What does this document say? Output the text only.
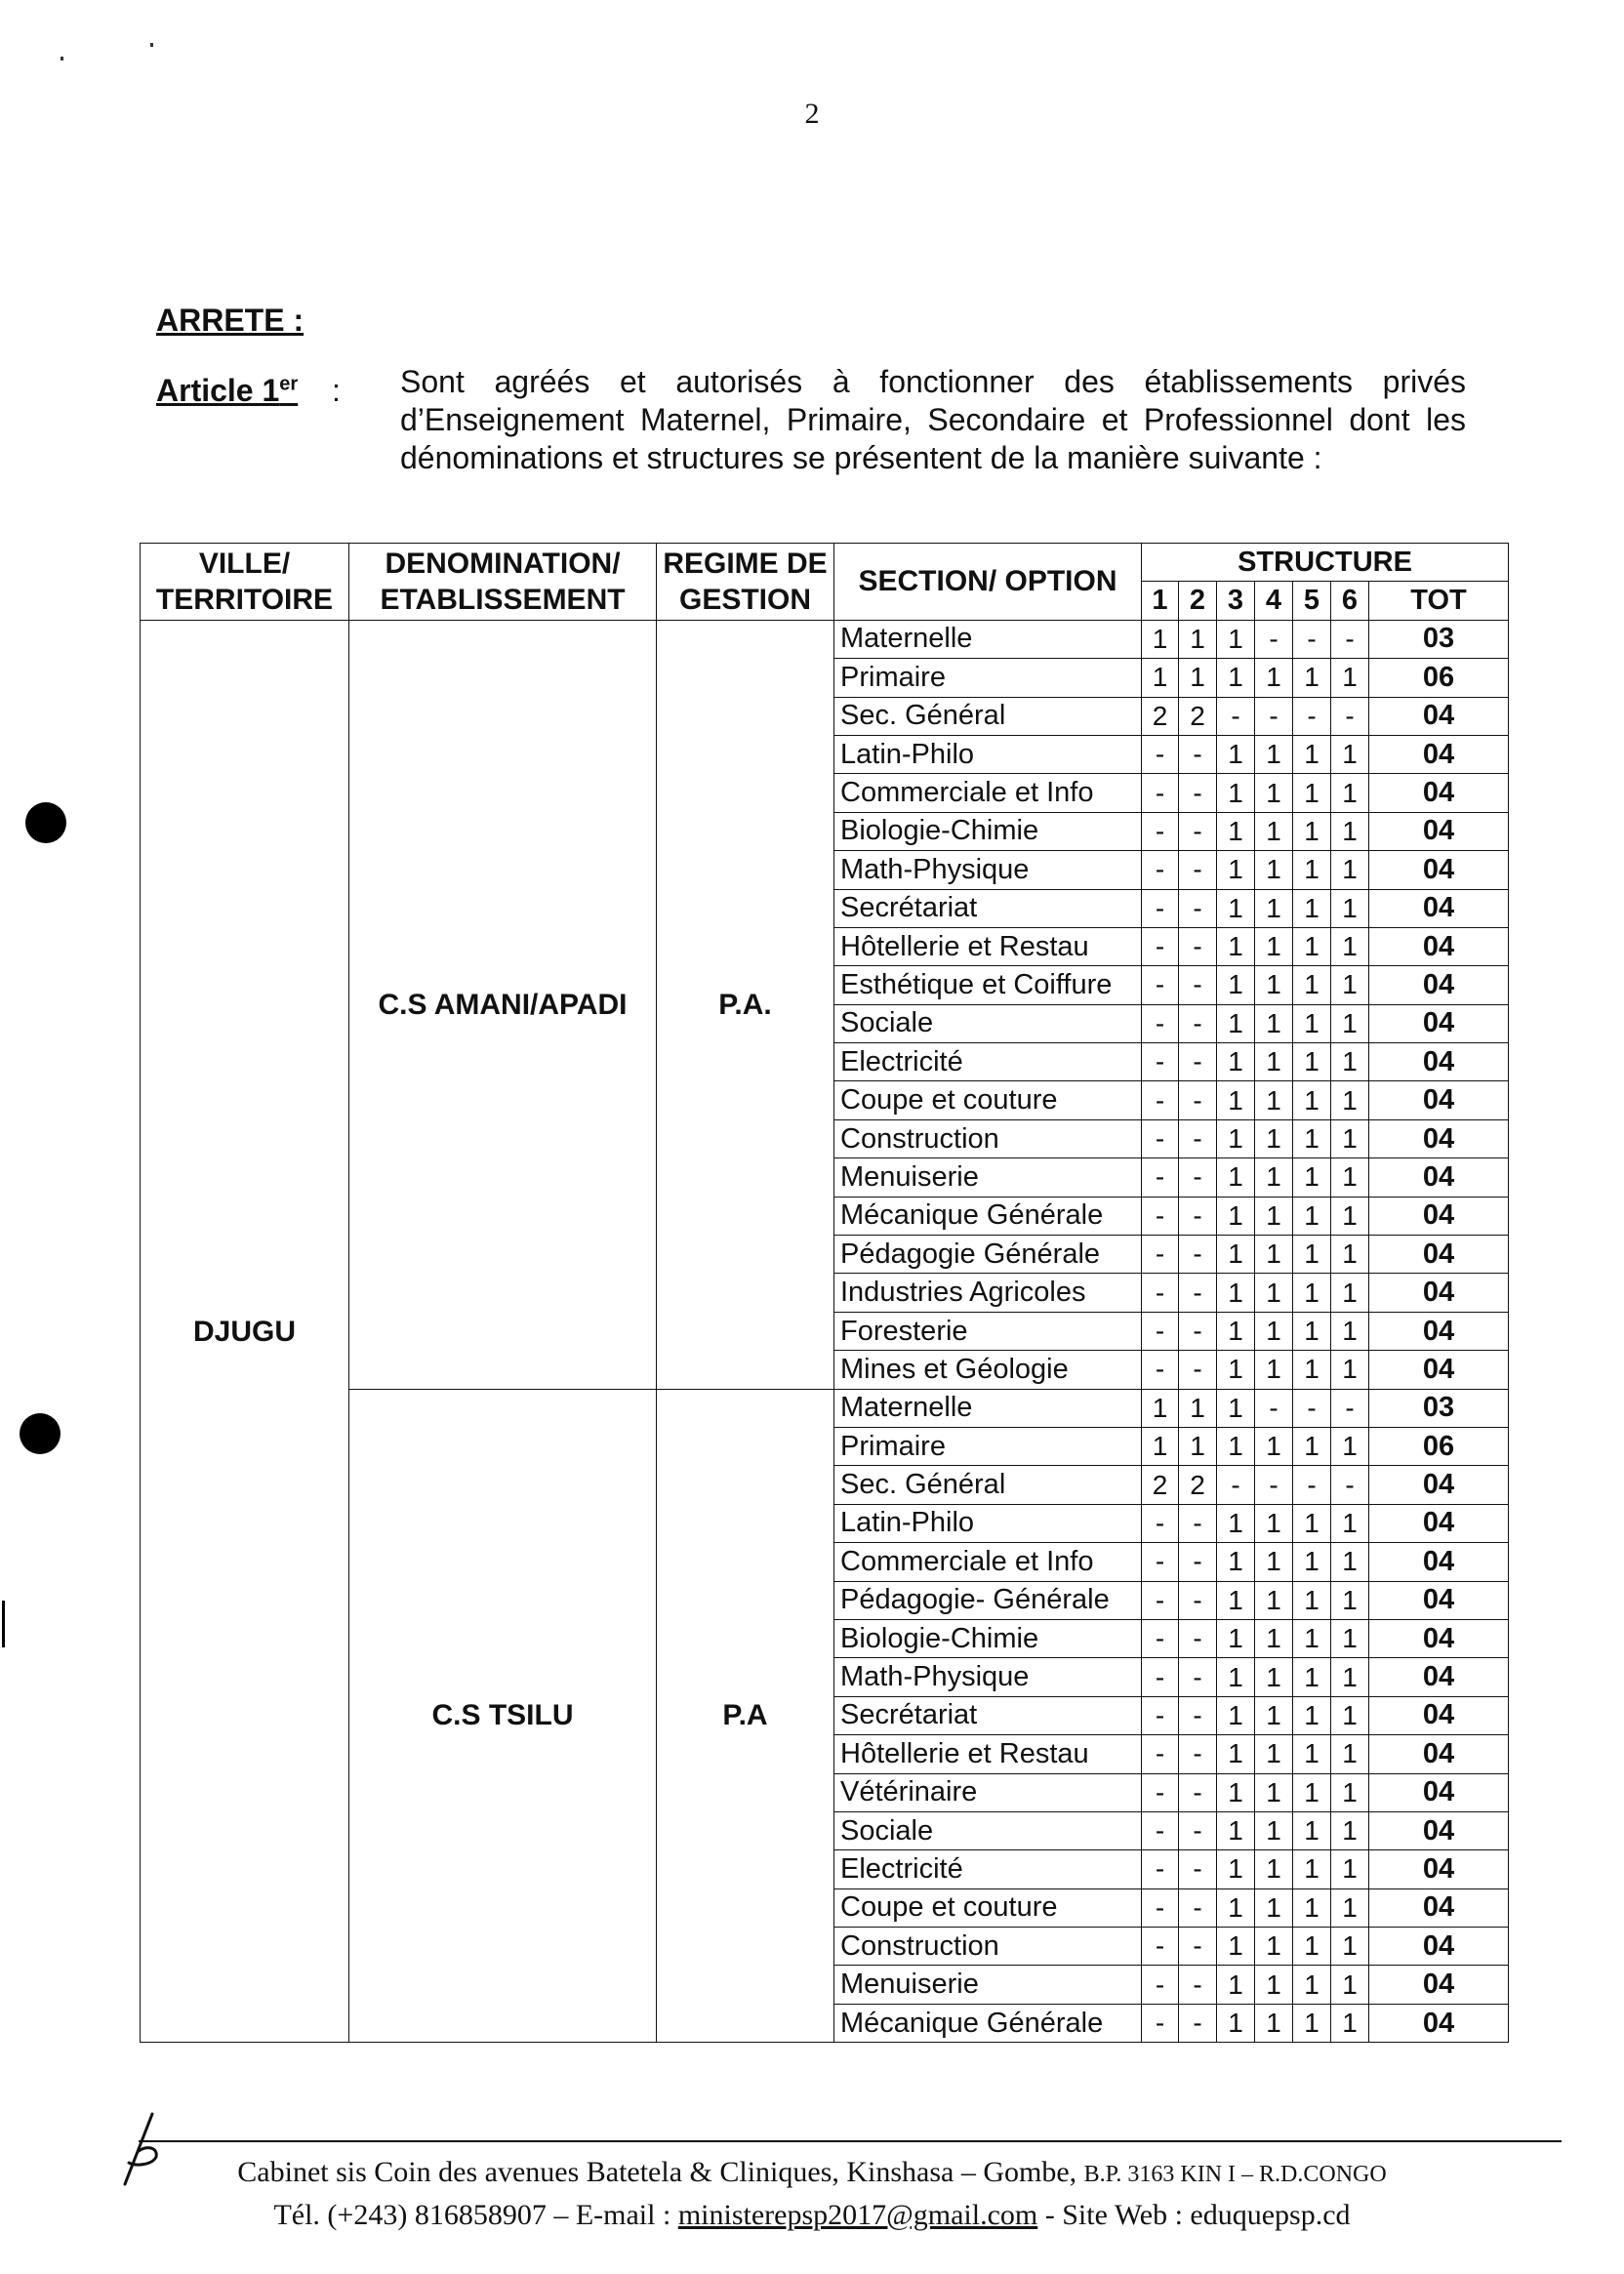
2
ARRETE :
Article 1er : Sont agréés et autorisés à fonctionner des établissements privés d’Enseignement Maternel, Primaire, Secondaire et Professionnel dont les dénominations et structures se présentent de la manière suivante :
VILLE/ TERRITOIRE	DENOMINATION/ ETABLISSEMENT	REGIME DE GESTION	SECTION/ OPTION	STRUCTURE						
				1	2	3	4	5	6	TOT
DJUGU	C.S AMANI/APADI	P.A.	Maternelle	1	1	1	-	-	-	03
			Primaire	1	1	1	1	1	1	06
			Sec. Général	2	2	-	-	-	-	04
			Latin-Philo	-	-	1	1	1	1	04
			Commerciale et Info	-	-	1	1	1	1	04
			Biologie-Chimie	-	-	1	1	1	1	04
			Math-Physique	-	-	1	1	1	1	04
			Secrétariat	-	-	1	1	1	1	04
			Hôtellerie et Restau	-	-	1	1	1	1	04
			Esthétique et Coiffure	-	-	1	1	1	1	04
			Sociale	-	-	1	1	1	1	04
			Electricité	-	-	1	1	1	1	04
			Coupe et couture	-	-	1	1	1	1	04
			Construction	-	-	1	1	1	1	04
			Menuiserie	-	-	1	1	1	1	04
			Mécanique Générale	-	-	1	1	1	1	04
			Pédagogie Générale	-	-	1	1	1	1	04
			Industries Agricoles	-	-	1	1	1	1	04
			Foresterie	-	-	1	1	1	1	04
			Mines et Géologie	-	-	1	1	1	1	04
	C.S TSILU	P.A	Maternelle	1	1	1	-	-	-	03
			Primaire	1	1	1	1	1	1	06
			Sec. Général	2	2	-	-	-	-	04
			Latin-Philo	-	-	1	1	1	1	04
			Commerciale et Info	-	-	1	1	1	1	04
			Pédagogie- Générale	-	-	1	1	1	1	04
			Biologie-Chimie	-	-	1	1	1	1	04
			Math-Physique	-	-	1	1	1	1	04
			Secrétariat	-	-	1	1	1	1	04
			Hôtellerie et Restau	-	-	1	1	1	1	04
			Vétérinaire	-	-	1	1	1	1	04
			Sociale	-	-	1	1	1	1	04
			Electricité	-	-	1	1	1	1	04
			Coupe et couture	-	-	1	1	1	1	04
			Construction	-	-	1	1	1	1	04
			Menuiserie	-	-	1	1	1	1	04
			Mécanique Générale	-	-	1	1	1	1	04
Cabinet sis Coin des avenues Batetela & Cliniques, Kinshasa – Gombe, B.P. 3163 KIN I – R.D.CONGO
Tél. (+243) 816858907 – E-mail : ministerepsp2017@gmail.com - Site Web : eduquepsp.cd
